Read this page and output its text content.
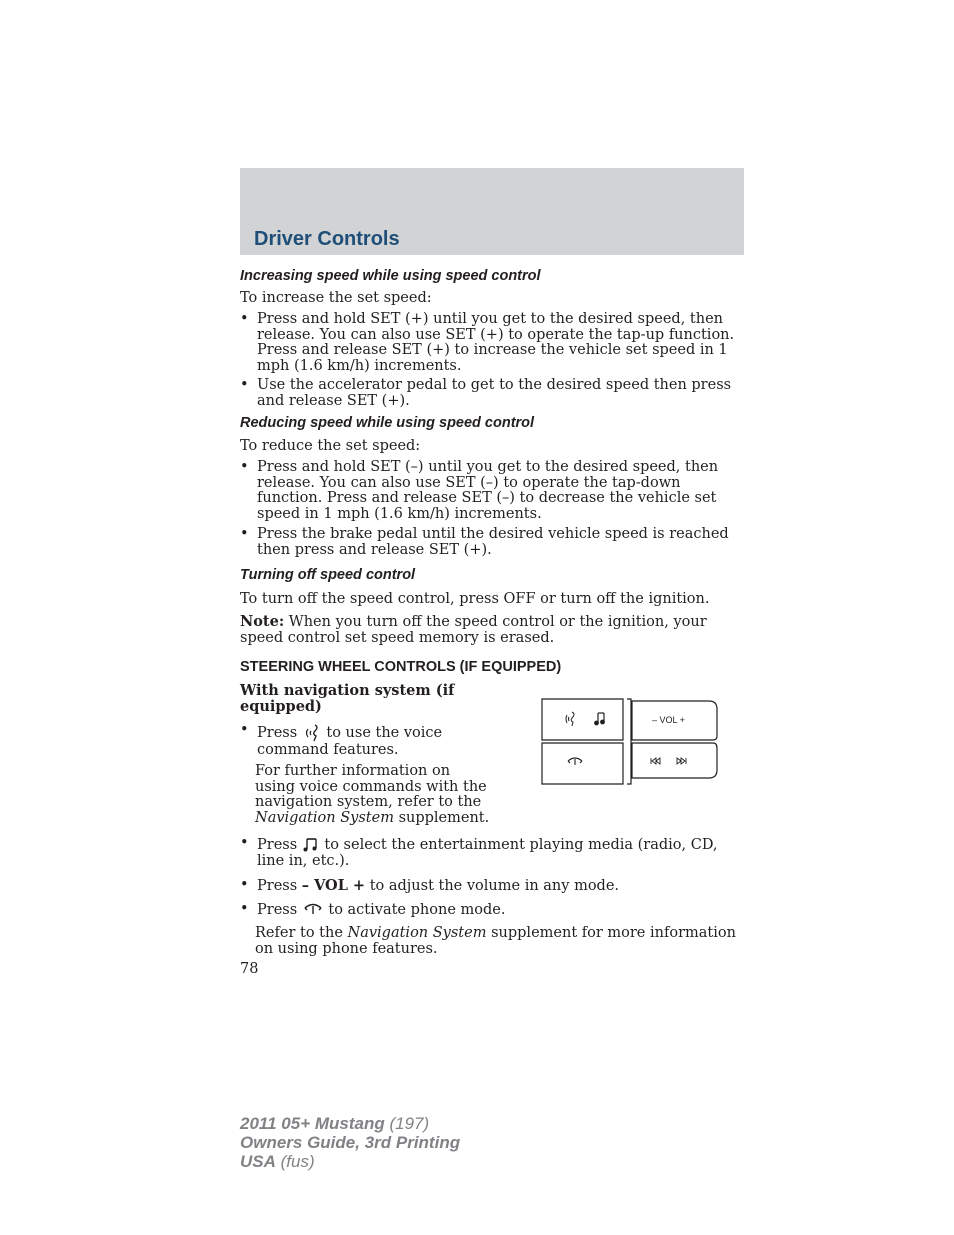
Driver Controls
Increasing speed while using speed control
To increase the set speed:
• Press and hold SET (+) until you get to the desired speed, then release. You can also use SET (+) to operate the tap-up function. Press and release SET (+) to increase the vehicle set speed in 1 mph (1.6 km/h) increments.
• Use the accelerator pedal to get to the desired speed then press and release SET (+).
Reducing speed while using speed control
To reduce the set speed:
• Press and hold SET (–) until you get to the desired speed, then release. You can also use SET (–) to operate the tap-down function. Press and release SET (–) to decrease the vehicle set speed in 1 mph (1.6 km/h) increments.
• Press the brake pedal until the desired vehicle speed is reached then press and release SET (+).
Turning off speed control
To turn off the speed control, press OFF or turn off the ignition.
Note: When you turn off the speed control or the ignition, your speed control set speed memory is erased.
STEERING WHEEL CONTROLS (IF EQUIPPED)
With navigation system (if equipped)
• Press  to use the voice command features.
For further information on using voice commands with the navigation system, refer to the Navigation System supplement.
– VOL +
• Press  to select the entertainment playing media (radio, CD, line in, etc.).
• Press – VOL + to adjust the volume in any mode.
• Press  to activate phone mode.
Refer to the Navigation System supplement for more information on using phone features.
78
2011 05+ Mustang (197)
Owners Guide, 3rd Printing
USA (fus)
